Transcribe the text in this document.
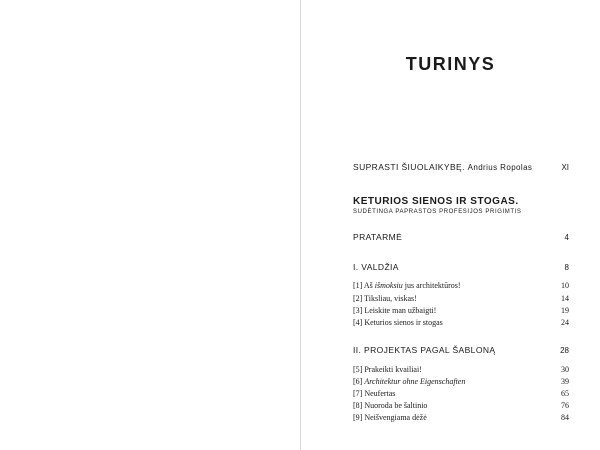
TURINYS
SUPRASTI ŠIUOLAIKYBĘ. Andrius Ropolas	XI
KETURIOS SIENOS IR STOGAS.
SUDĖTINGA PAPRASTOS PROFESIJOS PRIGIMTIS
PRATARMĖ	4
I. VALDŽIA	8
[1] Aš išmoksiu jus architektūros!	10
[2] Tiksliau, viskas!	14
[3] Leiskite man užbaigti!	19
[4] Keturios sienos ir stogas	24
II. PROJEKTAS PAGAL ŠABLONĄ	28
[5] Prakeikti kvailiai!	30
[6] Architektur ohne Eigenschaften	39
[7] Neufertas	65
[8] Nuoroda be šaltinio	76
[9] Neišvengiama dėžė	84
